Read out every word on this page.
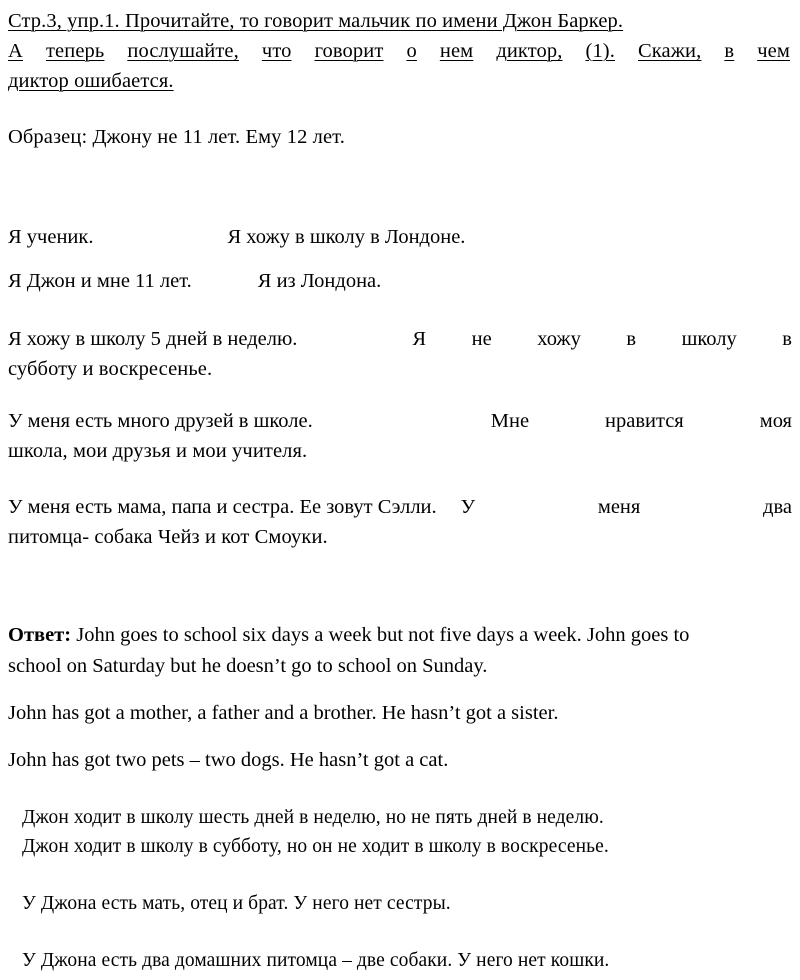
Стр.3, упр.1. Прочитайте, то говорит мальчик по имени Джон Баркер.
А теперь послушайте, что говорит о нем диктор, (1). Скажи, в чем
диктор ошибается.
Образец: Джону не 11 лет. Ему 12 лет.
Я ученик.	Я хожу в школу в Лондоне.
Я Джон и мне 11 лет.	Я из Лондона.
Я хожу в школу 5 дней в неделю.	Я не хожу в школу в
субботу и воскресенье.
У меня есть много друзей в школе.	Мне	нравится	моя
школа, мои друзья и мои учителя.
У меня есть мама, папа и сестра. Ее зовут Сэлли. У	меня	два
питомца- собака Чейз и кот Смоуки.

Ответ: John goes to school six days a week but not five days a week. John goes to school on Saturday but he doesn’t go to school on Sunday.

John has got a mother, a father and a brother. He hasn’t got a sister.

John has got two pets – two dogs. He hasn’t got a cat.

Джон ходит в школу шесть дней в неделю, но не пять дней в неделю.
Джон ходит в школу в субботу, но он не ходит в школу в воскресенье.
У Джона есть мать, отец и брат. У него нет сестры.
У Джона есть два домашних питомца – две собаки. У него нет кошки.
